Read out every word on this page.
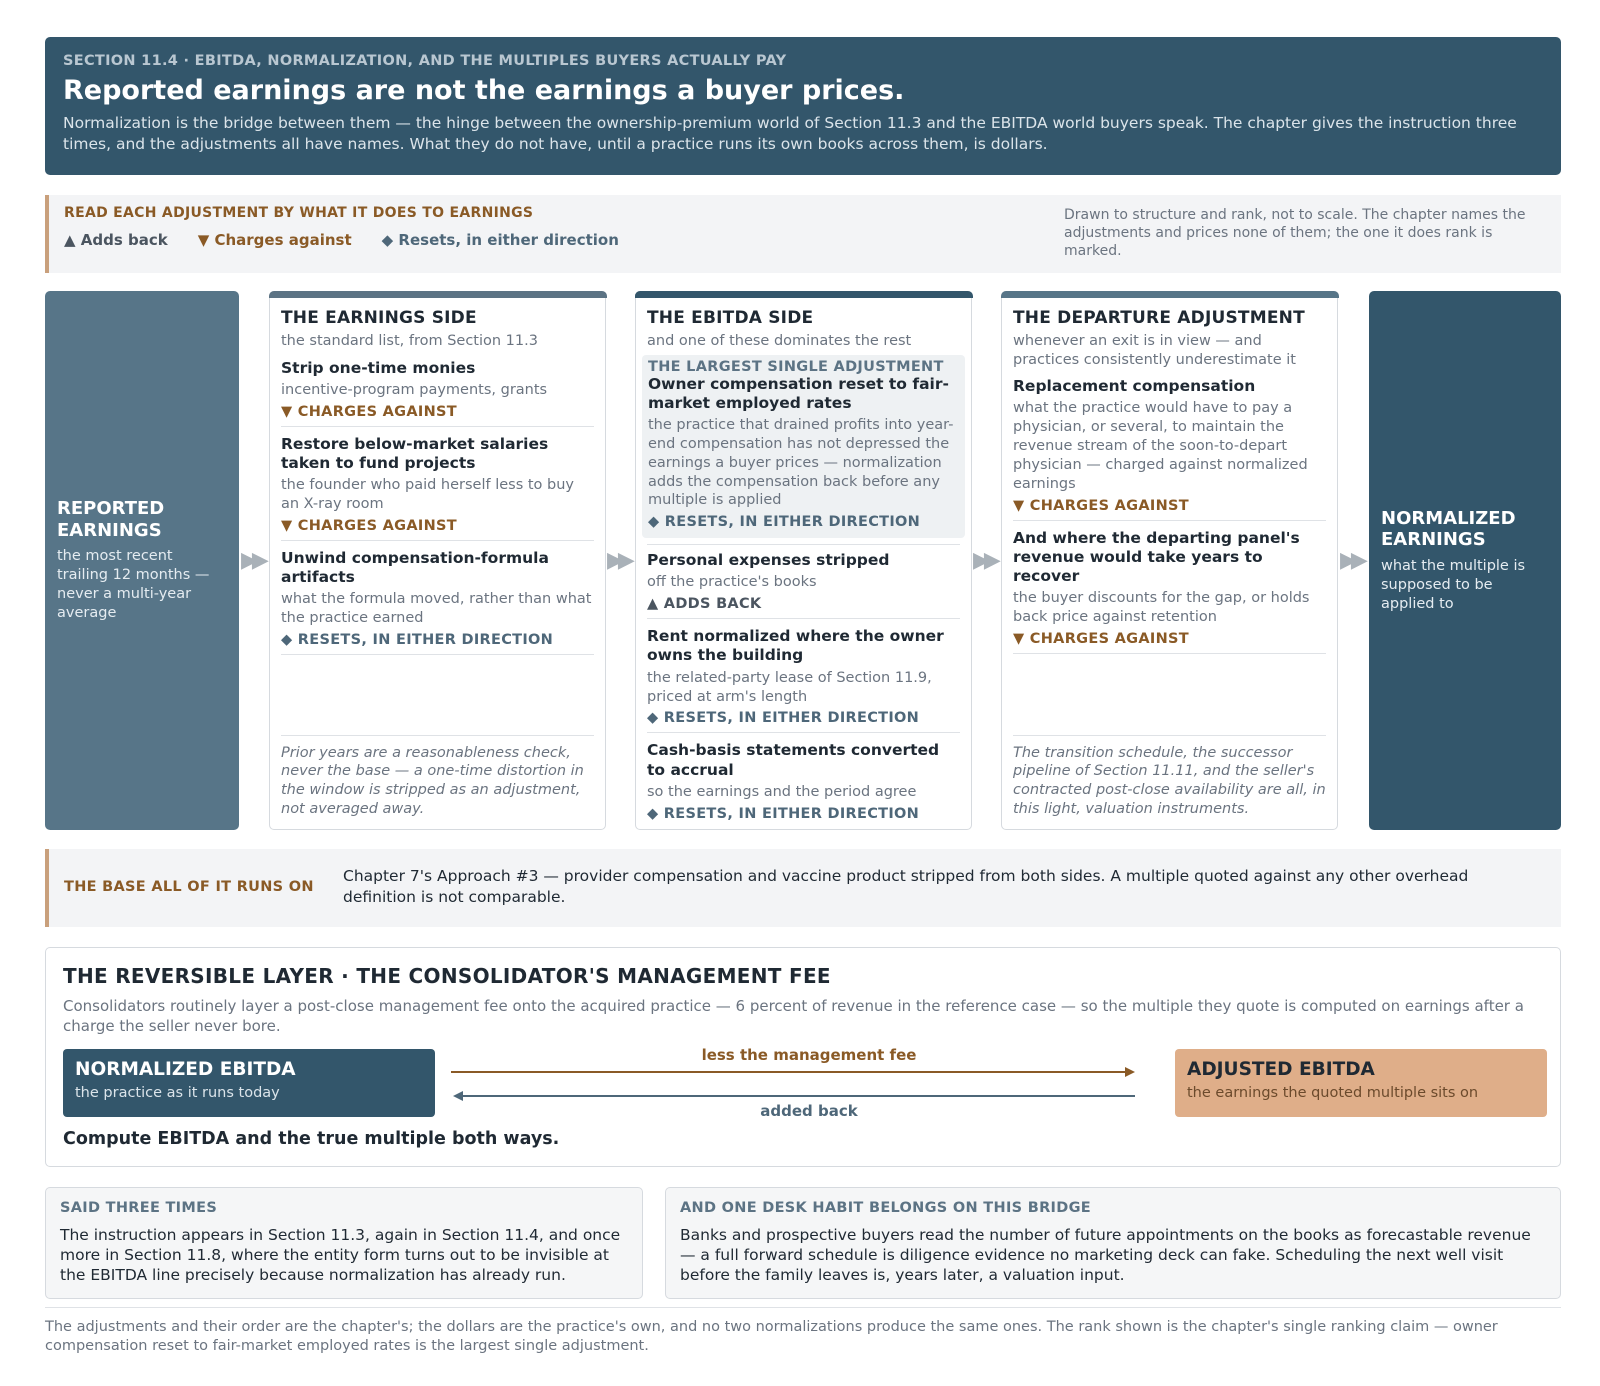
SECTION 11.4 · EBITDA, NORMALIZATION, AND THE MULTIPLES BUYERS ACTUALLY PAY
Reported earnings are not the earnings a buyer prices.
Normalization is the bridge between them — the hinge between the ownership-premium world of Section 11.3 and the EBITDA world buyers speak. The chapter gives the instruction three times, and the adjustments all have names. What they do not have, until a practice runs its own books across them, is dollars.
READ EACH ADJUSTMENT BY WHAT IT DOES TO EARNINGS
▲ Adds back ▼ Charges against ◆ Resets, in either direction
Drawn to structure and rank, not to scale. The chapter names the adjustments and prices none of them; the one it does rank is marked.
REPORTED EARNINGS
the most recent trailing 12 months — never a multi-year average
▶▶
THE EARNINGS SIDE
the standard list, from Section 11.3
Strip one-time monies
incentive-program payments, grants
▼ CHARGES AGAINST
Restore below-market salaries taken to fund projects
the founder who paid herself less to buy an X-ray room
▼ CHARGES AGAINST
Unwind compensation-formula artifacts
what the formula moved, rather than what the practice earned
◆ RESETS, IN EITHER DIRECTION
Prior years are a reasonableness check, never the base — a one-time distortion in the window is stripped as an adjustment, not averaged away.
▶▶
THE EBITDA SIDE
and one of these dominates the rest
THE LARGEST SINGLE ADJUSTMENT
Owner compensation reset to fair-market employed rates
the practice that drained profits into year-end compensation has not depressed the earnings a buyer prices — normalization adds the compensation back before any multiple is applied
◆ RESETS, IN EITHER DIRECTION
Personal expenses stripped
off the practice's books
▲ ADDS BACK
Rent normalized where the owner owns the building
the related-party lease of Section 11.9, priced at arm's length
◆ RESETS, IN EITHER DIRECTION
Cash-basis statements converted to accrual
so the earnings and the period agree
◆ RESETS, IN EITHER DIRECTION
▶▶
THE DEPARTURE ADJUSTMENT
whenever an exit is in view — and practices consistently underestimate it
Replacement compensation
what the practice would have to pay a physician, or several, to maintain the revenue stream of the soon-to-depart physician — charged against normalized earnings
▼ CHARGES AGAINST
And where the departing panel's revenue would take years to recover
the buyer discounts for the gap, or holds back price against retention
▼ CHARGES AGAINST
The transition schedule, the successor pipeline of Section 11.11, and the seller's contracted post-close availability are all, in this light, valuation instruments.
▶▶
NORMALIZED EARNINGS
what the multiple is supposed to be applied to
THE BASE ALL OF IT RUNS ON
Chapter 7's Approach #3 — provider compensation and vaccine product stripped from both sides. A multiple quoted against any other overhead definition is not comparable.
THE REVERSIBLE LAYER · THE CONSOLIDATOR'S MANAGEMENT FEE
Consolidators routinely layer a post-close management fee onto the acquired practice — 6 percent of revenue in the reference case — so the multiple they quote is computed on earnings after a charge the seller never bore.
NORMALIZED EBITDA
the practice as it runs today
less the management fee
added back
ADJUSTED EBITDA
the earnings the quoted multiple sits on
Compute EBITDA and the true multiple both ways.
SAID THREE TIMES
The instruction appears in Section 11.3, again in Section 11.4, and once more in Section 11.8, where the entity form turns out to be invisible at the EBITDA line precisely because normalization has already run.
AND ONE DESK HABIT BELONGS ON THIS BRIDGE
Banks and prospective buyers read the number of future appointments on the books as forecastable revenue — a full forward schedule is diligence evidence no marketing deck can fake. Scheduling the next well visit before the family leaves is, years later, a valuation input.
The adjustments and their order are the chapter's; the dollars are the practice's own, and no two normalizations produce the same ones. The rank shown is the chapter's single ranking claim — owner compensation reset to fair-market employed rates is the largest single adjustment.
